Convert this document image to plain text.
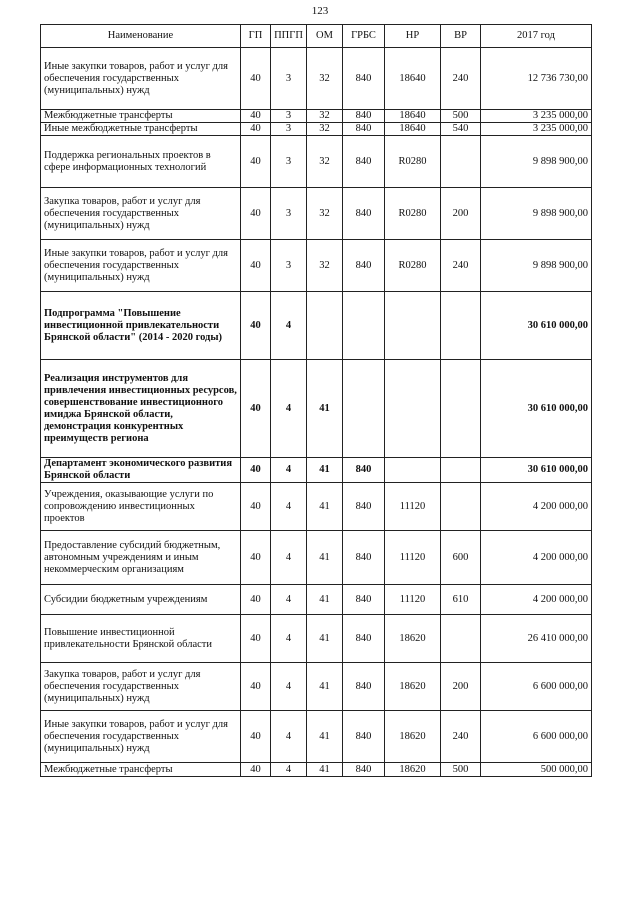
123
Наименование	ГП	ППГП	ОМ	ГРБС	НР	ВР	2017 год
Иные закупки товаров, работ и услуг для обеспечения государственных (муниципальных) нужд	40	3	32	840	18640	240	12 736 730,00
Межбюджетные трансферты	40	3	32	840	18640	500	3 235 000,00
Иные межбюджетные трансферты	40	3	32	840	18640	540	3 235 000,00
Поддержка региональных проектов в сфере информационных технологий	40	3	32	840	R0280		9 898 900,00
Закупка товаров, работ и услуг для обеспечения государственных (муниципальных) нужд	40	3	32	840	R0280	200	9 898 900,00
Иные закупки товаров, работ и услуг для обеспечения государственных (муниципальных) нужд	40	3	32	840	R0280	240	9 898 900,00
Подпрограмма "Повышение инвестиционной привлекательности Брянской области" (2014 - 2020 годы)	40	4					30 610 000,00
Реализация инструментов для привлечения инвестиционных ресурсов, совершенствование инвестиционного имиджа Брянской области, демонстрация конкурентных преимуществ региона	40	4	41				30 610 000,00
Департамент экономического развития Брянской области	40	4	41	840			30 610 000,00
Учреждения, оказывающие услуги по сопровождению инвестиционных проектов	40	4	41	840	11120		4 200 000,00
Предоставление субсидий бюджетным, автономным учреждениям и иным некоммерческим организациям	40	4	41	840	11120	600	4 200 000,00
Субсидии бюджетным учреждениям	40	4	41	840	11120	610	4 200 000,00
Повышение инвестиционной привлекательности Брянской области	40	4	41	840	18620		26 410 000,00
Закупка товаров, работ и услуг для обеспечения государственных (муниципальных) нужд	40	4	41	840	18620	200	6 600 000,00
Иные закупки товаров, работ и услуг для обеспечения государственных (муниципальных) нужд	40	4	41	840	18620	240	6 600 000,00
Межбюджетные трансферты	40	4	41	840	18620	500	500 000,00
